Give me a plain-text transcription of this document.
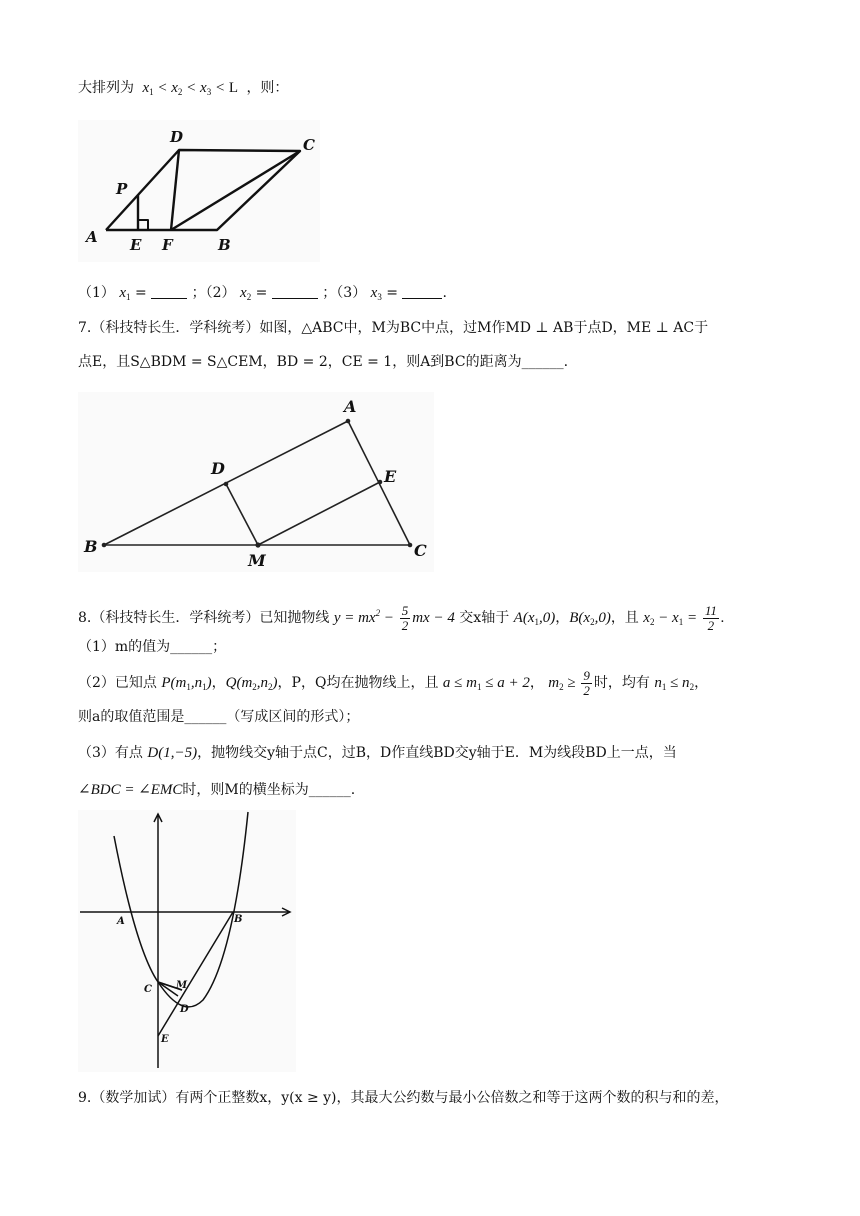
大排列为 $x_1 < x_2 < x_3 < L$ ，则：
D	C
P
A E F	B
（1） $x_1$ =	；（2） $x_2$ =	；（3） $x_3$ =	.
7.（科技特长生．学科统考）如图，△ABC中，M为BC中点，过M作MD ⊥ AB于点D，ME ⊥ AC于
点E，且S△BDM = S△CEM，BD = 2，CE = 1，则A到BC的距离为______.
A
D	E
B
M
C
8.（科技特长生．学科统考）已知抛物线 $y = mx^2 - \frac{5}{2}$ mx − 4 交x轴于 $A(x_1,0)$，$B(x_2,0)$，且 $x_2 - x_1 = \frac{11}{2}$ .
（1）m的值为______；
（2）已知点 $P(m_1,n_1)$，$Q(m_2,n_2)$，P，Q均在抛物线上，且 $a \le m_1 \le a + 2$， $m_2 \ge \frac{9}{2}$ 时，均有 $n_1 \le n_2$，
则a的取值范围是______（写成区间的形式）；
（3）有点 D(1,−5)，抛物线交y轴于点C，过B，D作直线BD交y轴于E．M为线段BD上一点，当
∠BDC = ∠EMC时，则M的横坐标为______.
A	B
C M
D
E
9.（数学加试）有两个正整数x，y(x ≥ y)，其最大公约数与最小公倍数之和等于这两个数的积与和的差，
